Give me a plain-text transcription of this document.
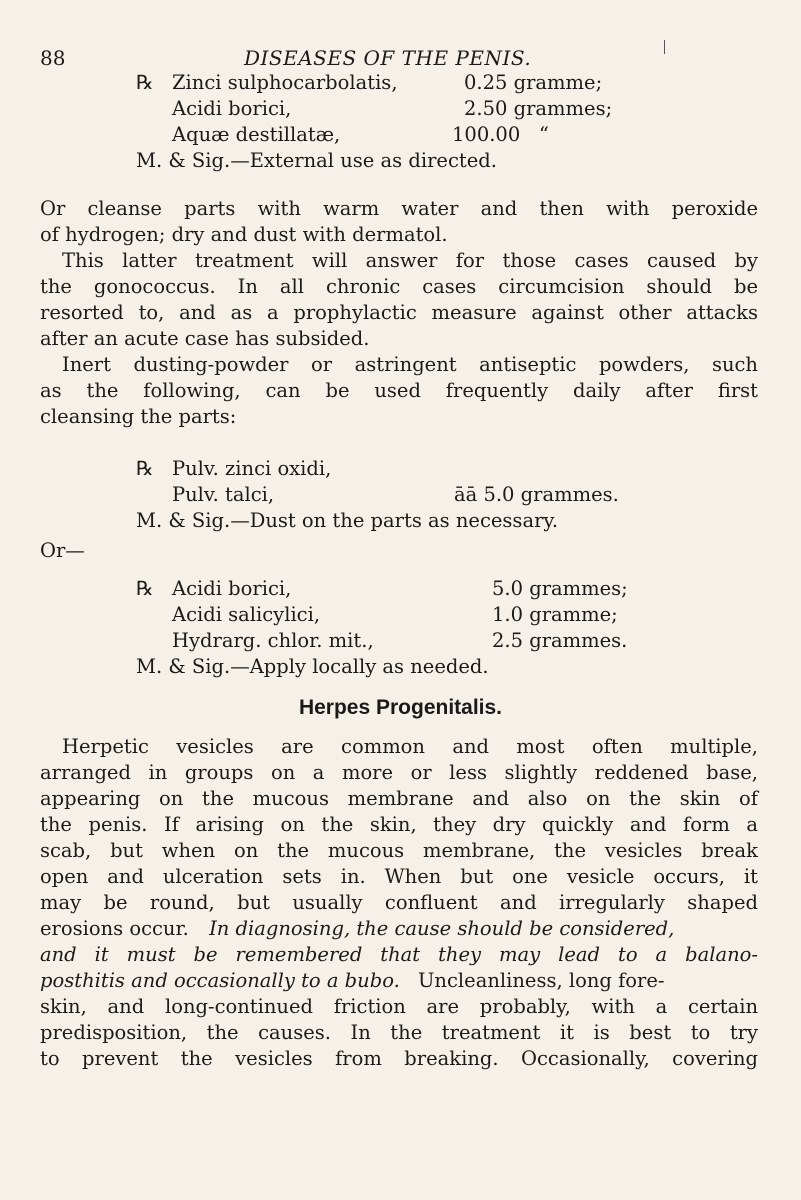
88	DISEASES OF THE PENIS.
℞ Zinci sulphocarbolatis,	0.25 gramme;
Acidi borici,	2.50 grammes;
Aquæ destillatæ,	100.00   “
M. & Sig.—External use as directed.
Or cleanse parts with warm water and then with peroxide
of hydrogen; dry and dust with dermatol.
This latter treatment will answer for those cases caused by
the gonococcus. In all chronic cases circumcision should be
resorted to, and as a prophylactic measure against other attacks
after an acute case has subsided.
Inert dusting-powder or astringent antiseptic powders, such
as the following, can be used frequently daily after first
cleansing the parts:
℞ Pulv. zinci oxidi,
Pulv. talci,	āā 5.0 grammes.
M. & Sig.—Dust on the parts as necessary.
Or—
℞ Acidi borici,	5.0 grammes;
Acidi salicylici,	1.0 gramme;
Hydrarg. chlor. mit.,	2.5 grammes.
M. & Sig.—Apply locally as needed.
Herpes Progenitalis.
Herpetic vesicles are common and most often multiple,
arranged in groups on a more or less slightly reddened base,
appearing on the mucous membrane and also on the skin of
the penis. If arising on the skin, they dry quickly and form a
scab, but when on the mucous membrane, the vesicles break
open and ulceration sets in. When but one vesicle occurs, it
may be round, but usually confluent and irregularly shaped
erosions occur. In diagnosing, the cause should be considered,
and it must be remembered that they may lead to a balano-
posthitis and occasionally to a bubo. Uncleanliness, long fore-
skin, and long-continued friction are probably, with a certain
predisposition, the causes. In the treatment it is best to try
to prevent the vesicles from breaking. Occasionally, covering
